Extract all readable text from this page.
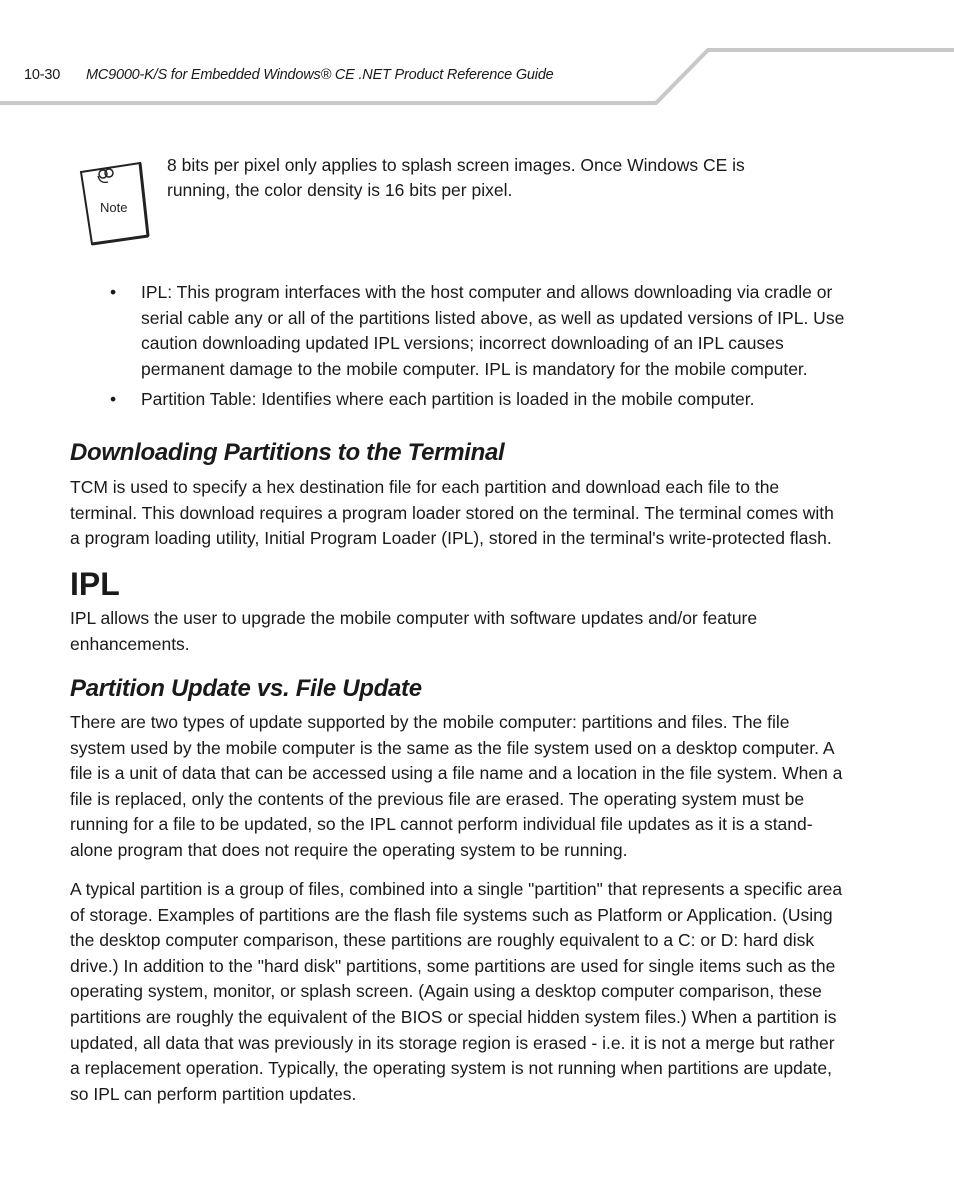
10-30 MC9000-K/S for Embedded Windows® CE .NET Product Reference Guide
Note

8 bits per pixel only applies to splash screen images. Once Windows CE is running, the color density is 16 bits per pixel.

• IPL: This program interfaces with the host computer and allows downloading via cradle or serial cable any or all of the partitions listed above, as well as updated versions of IPL. Use caution downloading updated IPL versions; incorrect downloading of an IPL causes permanent damage to the mobile computer. IPL is mandatory for the mobile computer.
• Partition Table: Identifies where each partition is loaded in the mobile computer.
Downloading Partitions to the Terminal

TCM is used to specify a hex destination file for each partition and download each file to the terminal. This download requires a program loader stored on the terminal. The terminal comes with a program loading utility, Initial Program Loader (IPL), stored in the terminal's write-protected flash.

IPL

IPL allows the user to upgrade the mobile computer with software updates and/or feature enhancements.

Partition Update vs. File Update

There are two types of update supported by the mobile computer: partitions and files. The file system used by the mobile computer is the same as the file system used on a desktop computer. A file is a unit of data that can be accessed using a file name and a location in the file system. When a file is replaced, only the contents of the previous file are erased. The operating system must be running for a file to be updated, so the IPL cannot perform individual file updates as it is a stand-alone program that does not require the operating system to be running.

A typical partition is a group of files, combined into a single "partition" that represents a specific area of storage. Examples of partitions are the flash file systems such as Platform or Application. (Using the desktop computer comparison, these partitions are roughly equivalent to a C: or D: hard disk drive.) In addition to the "hard disk" partitions, some partitions are used for single items such as the operating system, monitor, or splash screen. (Again using a desktop computer comparison, these partitions are roughly the equivalent of the BIOS or special hidden system files.) When a partition is updated, all data that was previously in its storage region is erased - i.e. it is not a merge but rather a replacement operation. Typically, the operating system is not running when partitions are update, so IPL can perform partition updates.
